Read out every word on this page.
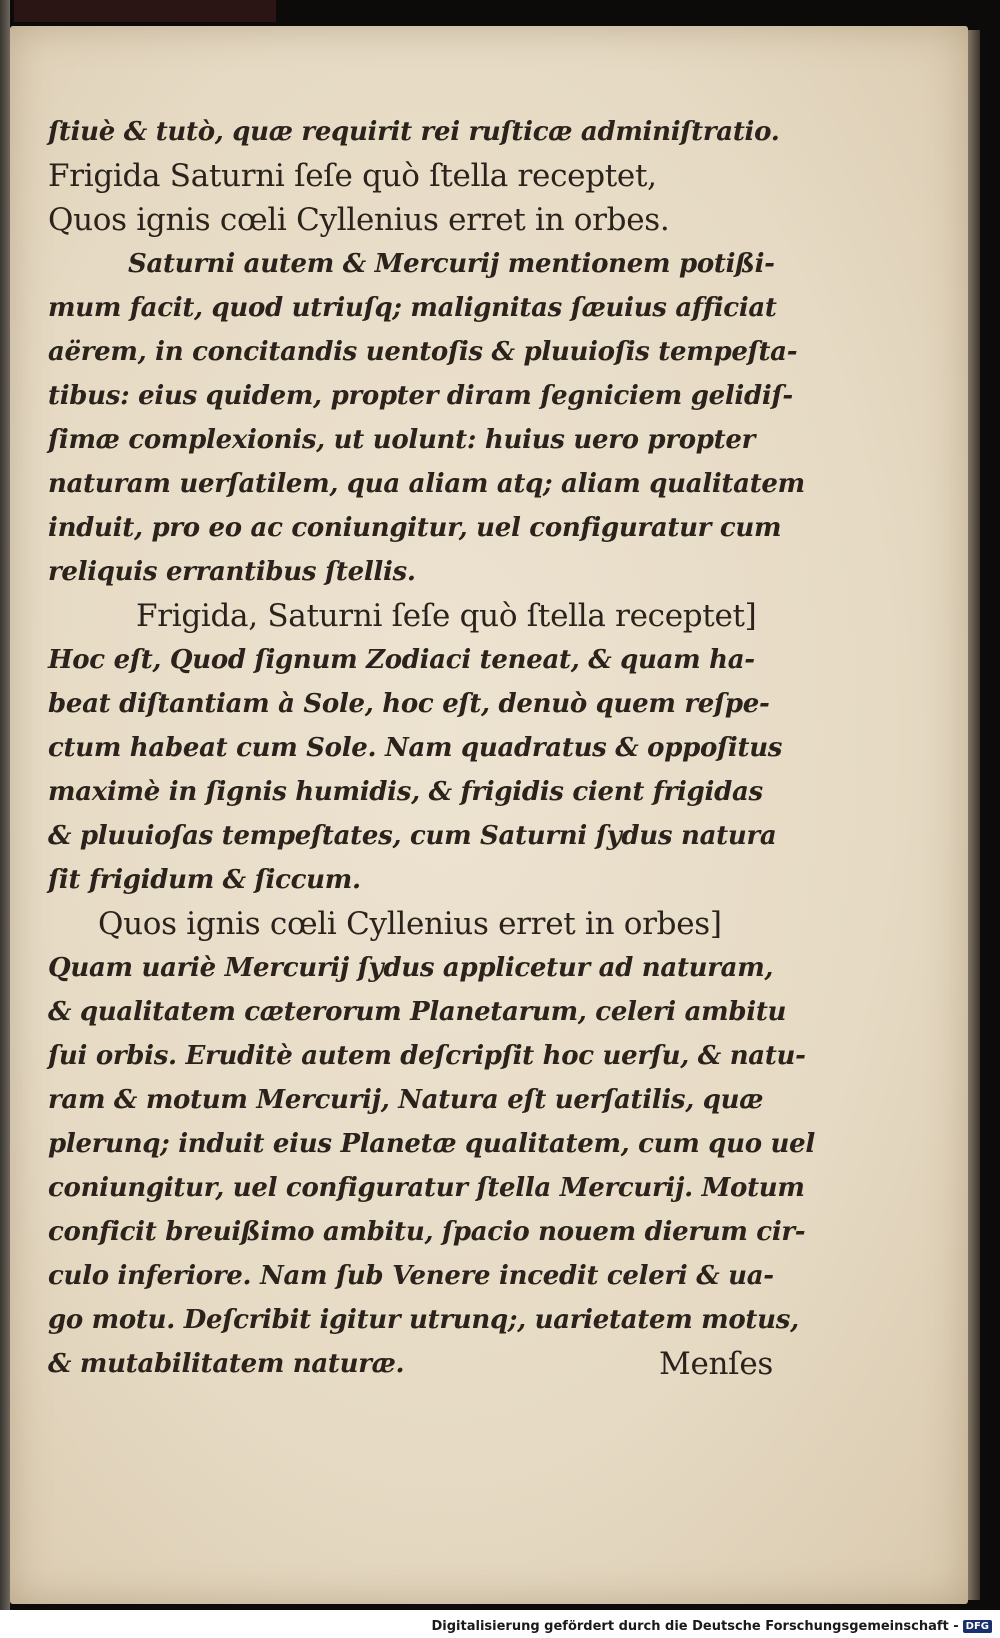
ſtiuè & tutò, quæ requirit rei ruſticæ adminiſtratio.
Frigida Saturni ſeſe quò ſtella receptet,
Quos ignis cœli Cyllenius erret in orbes.
Saturni autem & Mercurij mentionem potißi-
mum facit, quod utriuſq; malignitas ſæuius afficiat
aërem, in concitandis uentoſis & pluuioſis tempeſta-
tibus: eius quidem, propter diram ſegniciem gelidiſ-
ſimæ complexionis, ut uolunt: huius uero propter
naturam uerſatilem, qua aliam atq; aliam qualitatem
induit, pro eo ac coniungitur, uel configuratur cum
reliquis errantibus ſtellis.
Frigida, Saturni ſeſe quò ſtella receptet]
Hoc eſt, Quod ſignum Zodiaci teneat, & quam ha-
beat diſtantiam à Sole, hoc eſt, denuò quem reſpe-
ctum habeat cum Sole. Nam quadratus & oppoſitus
maximè in ſignis humidis, & frigidis cient frigidas
& pluuioſas tempeſtates, cum Saturni ſydus natura
ſit frigidum & ſiccum.
Quos ignis cœli Cyllenius erret in orbes]
Quam uariè Mercurij ſydus applicetur ad naturam,
& qualitatem cæterorum Planetarum, celeri ambitu
ſui orbis. Eruditè autem deſcripſit hoc uerſu, & natu-
ram & motum Mercurij, Natura eſt uerſatilis, quæ
plerunq; induit eius Planetæ qualitatem, cum quo uel
coniungitur, uel configuratur ſtella Mercurij. Motum
conficit breuißimo ambitu, ſpacio nouem dierum cir-
culo inferiore. Nam ſub Venere incedit celeri & ua-
go motu. Deſcribit igitur utrunq;, uarietatem motus,
& mutabilitatem naturæ.	Menſes
Digitalisierung gefördert durch die Deutsche Forschungsgemeinschaft - DFG
